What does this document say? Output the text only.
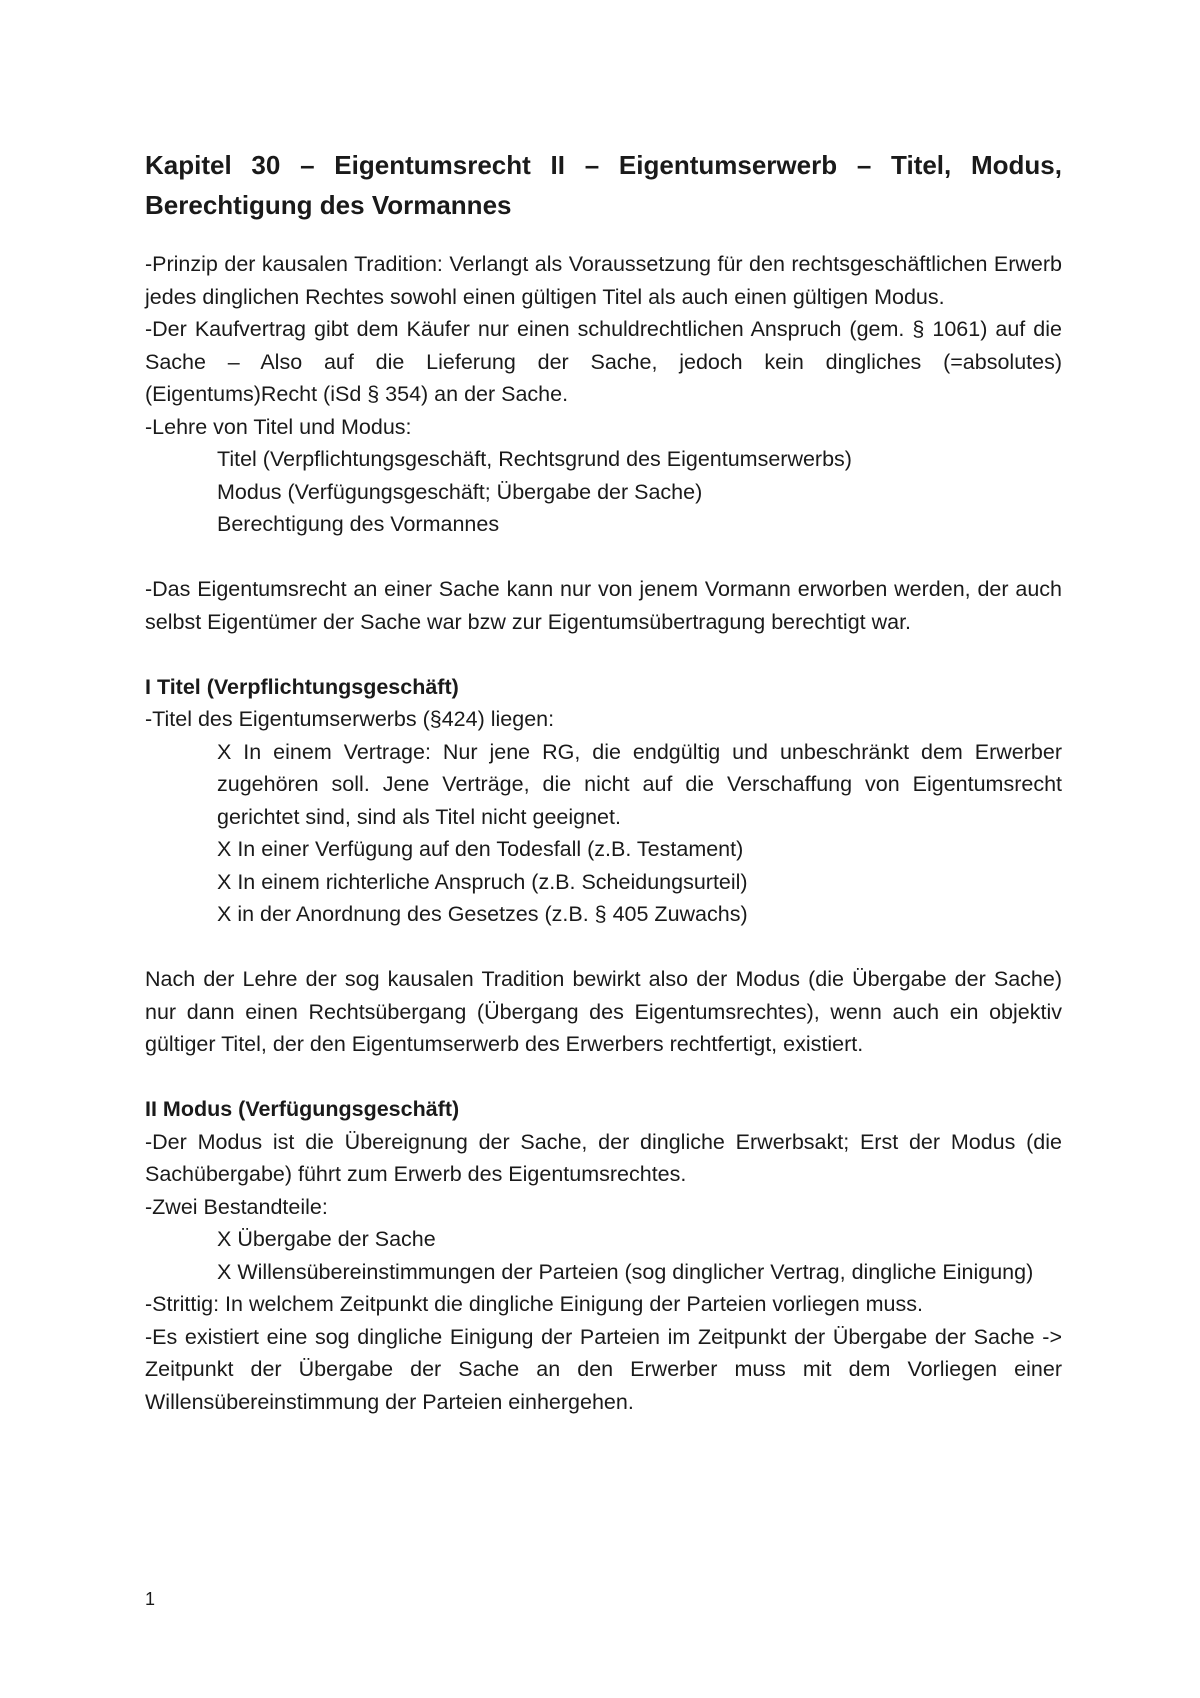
Kapitel 30 – Eigentumsrecht II – Eigentumserwerb – Titel, Modus, Berechtigung des Vormannes

-Prinzip der kausalen Tradition: Verlangt als Voraussetzung für den rechtsgeschäftlichen Erwerb jedes dinglichen Rechtes sowohl einen gültigen Titel als auch einen gültigen Modus.

-Der Kaufvertrag gibt dem Käufer nur einen schuldrechtlichen Anspruch (gem. § 1061) auf die Sache – Also auf die Lieferung der Sache, jedoch kein dingliches (=absolutes) (Eigentums)Recht (iSd § 354) an der Sache.

-Lehre von Titel und Modus:

Titel (Verpflichtungsgeschäft, Rechtsgrund des Eigentumserwerbs)

Modus (Verfügungsgeschäft; Übergabe der Sache)

Berechtigung des Vormannes

-Das Eigentumsrecht an einer Sache kann nur von jenem Vormann erworben werden, der auch selbst Eigentümer der Sache war bzw zur Eigentumsübertragung berechtigt war.

I Titel (Verpflichtungsgeschäft)

-Titel des Eigentumserwerbs (§424) liegen:

X In einem Vertrage: Nur jene RG, die endgültig und unbeschränkt dem Erwerber zugehören soll. Jene Verträge, die nicht auf die Verschaffung von Eigentumsrecht gerichtet sind, sind als Titel nicht geeignet.

X In einer Verfügung auf den Todesfall (z.B. Testament)

X In einem richterliche Anspruch (z.B. Scheidungsurteil)

X in der Anordnung des Gesetzes (z.B. § 405 Zuwachs)

Nach der Lehre der sog kausalen Tradition bewirkt also der Modus (die Übergabe der Sache) nur dann einen Rechtsübergang (Übergang des Eigentumsrechtes), wenn auch ein objektiv gültiger Titel, der den Eigentumserwerb des Erwerbers rechtfertigt, existiert.

II Modus (Verfügungsgeschäft)

-Der Modus ist die Übereignung der Sache, der dingliche Erwerbsakt; Erst der Modus (die Sachübergabe) führt zum Erwerb des Eigentumsrechtes.

-Zwei Bestandteile:

X Übergabe der Sache

X Willensübereinstimmungen der Parteien (sog dinglicher Vertrag, dingliche Einigung)

-Strittig: In welchem Zeitpunkt die dingliche Einigung der Parteien vorliegen muss.

-Es existiert eine sog dingliche Einigung der Parteien im Zeitpunkt der Übergabe der Sache -> Zeitpunkt der Übergabe der Sache an den Erwerber muss mit dem Vorliegen einer Willensübereinstimmung der Parteien einhergehen.

1
